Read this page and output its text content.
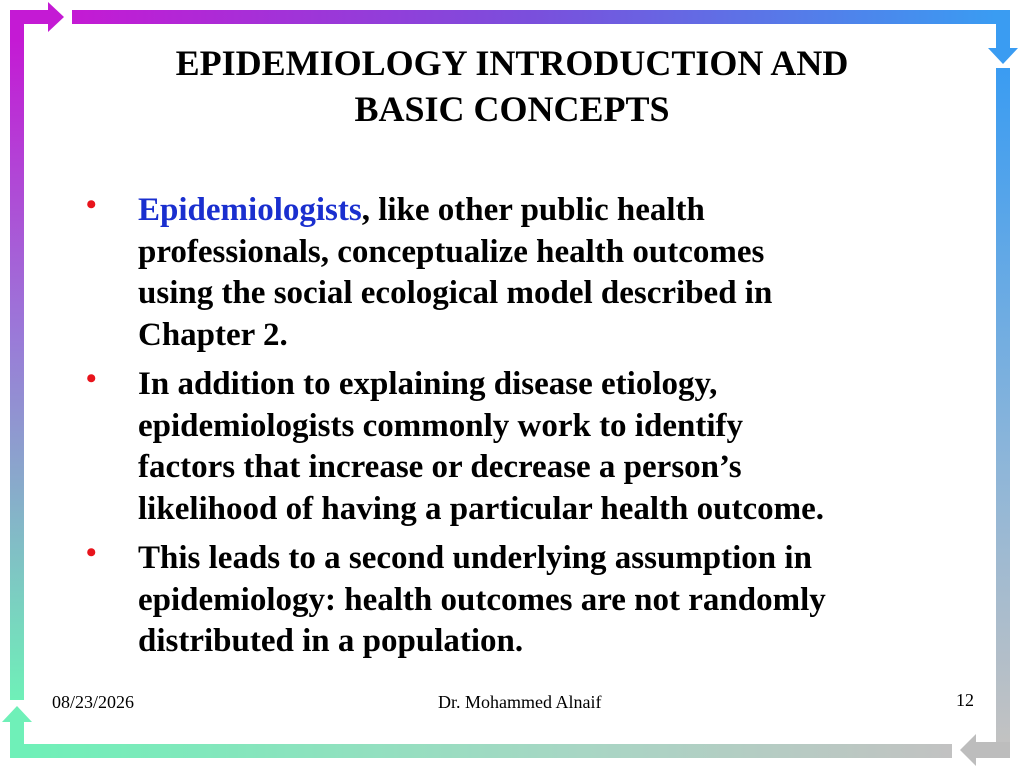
EPIDEMIOLOGY INTRODUCTION AND
BASIC CONCEPTS
• Epidemiologists, like other public health
professionals, conceptualize health outcomes
using the social ecological model described in
Chapter 2.
• In addition to explaining disease etiology,
epidemiologists commonly work to identify
factors that increase or decrease a person’s
likelihood of having a particular health outcome.
• This leads to a second underlying assumption in
epidemiology: health outcomes are not randomly
distributed in a population.
08/23/2026	Dr. Mohammed Alnaif	12
